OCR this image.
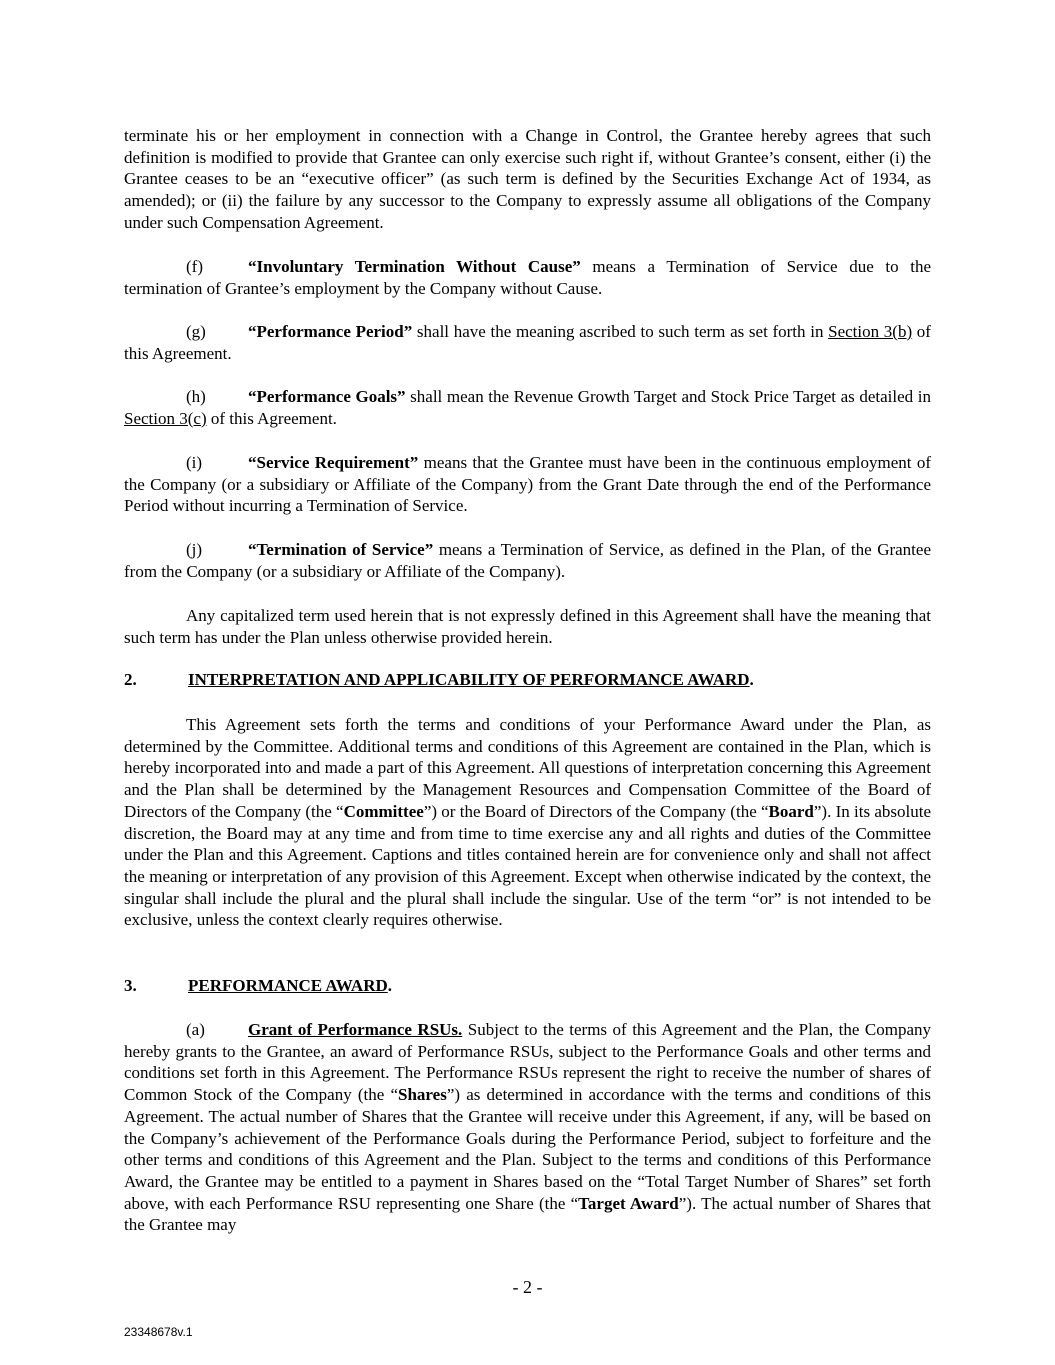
terminate his or her employment in connection with a Change in Control, the Grantee hereby agrees that such definition is modified to provide that Grantee can only exercise such right if, without Grantee’s consent, either (i) the Grantee ceases to be an “executive officer” (as such term is defined by the Securities Exchange Act of 1934, as amended); or (ii) the failure by any successor to the Company to expressly assume all obligations of the Company under such Compensation Agreement.

(f)	“Involuntary Termination Without Cause” means a Termination of Service due to the termination of Grantee’s employment by the Company without Cause.

(g) “Performance Period” shall have the meaning ascribed to such term as set forth in Section 3(b) of this Agreement.

(h) “Performance Goals” shall mean the Revenue Growth Target and Stock Price Target as detailed in Section 3(c) of this Agreement.

(i)	“Service Requirement” means that the Grantee must have been in the continuous employment of the Company (or a subsidiary or Affiliate of the Company) from the Grant Date through the end of the Performance Period without incurring a Termination of Service.

(j)	“Termination of Service” means a Termination of Service, as defined in the Plan, of the Grantee from the Company (or a subsidiary or Affiliate of the Company).

Any capitalized term used herein that is not expressly defined in this Agreement shall have the meaning that such term has under the Plan unless otherwise provided herein.

2.	INTERPRETATION AND APPLICABILITY OF PERFORMANCE AWARD.

This Agreement sets forth the terms and conditions of your Performance Award under the Plan, as determined by the Committee. Additional terms and conditions of this Agreement are contained in the Plan, which is hereby incorporated into and made a part of this Agreement. All questions of interpretation concerning this Agreement and the Plan shall be determined by the Management Resources and Compensation Committee of the Board of Directors of the Company (the “Committee”) or the Board of Directors of the Company (the “Board”). In its absolute discretion, the Board may at any time and from time to time exercise any and all rights and duties of the Committee under the Plan and this Agreement. Captions and titles contained herein are for convenience only and shall not affect the meaning or interpretation of any provision of this Agreement. Except when otherwise indicated by the context, the singular shall include the plural and the plural shall include the singular. Use of the term “or” is not intended to be exclusive, unless the context clearly requires otherwise.

3.	PERFORMANCE AWARD.

(a)	Grant of Performance RSUs. Subject to the terms of this Agreement and the Plan, the Company hereby grants to the Grantee, an award of Performance RSUs, subject to the Performance Goals and other terms and conditions set forth in this Agreement. The Performance RSUs represent the right to receive the number of shares of Common Stock of the Company (the “Shares”) as determined in accordance with the terms and conditions of this Agreement. The actual number of Shares that the Grantee will receive under this Agreement, if any, will be based on the Company’s achievement of the Performance Goals during the Performance Period, subject to forfeiture and the other terms and conditions of this Agreement and the Plan. Subject to the terms and conditions of this Performance Award, the Grantee may be entitled to a payment in Shares based on the “Total Target Number of Shares” set forth above, with each Performance RSU representing one Share (the “Target Award”). The actual number of Shares that the Grantee may

- 2 -
23348678v.1
